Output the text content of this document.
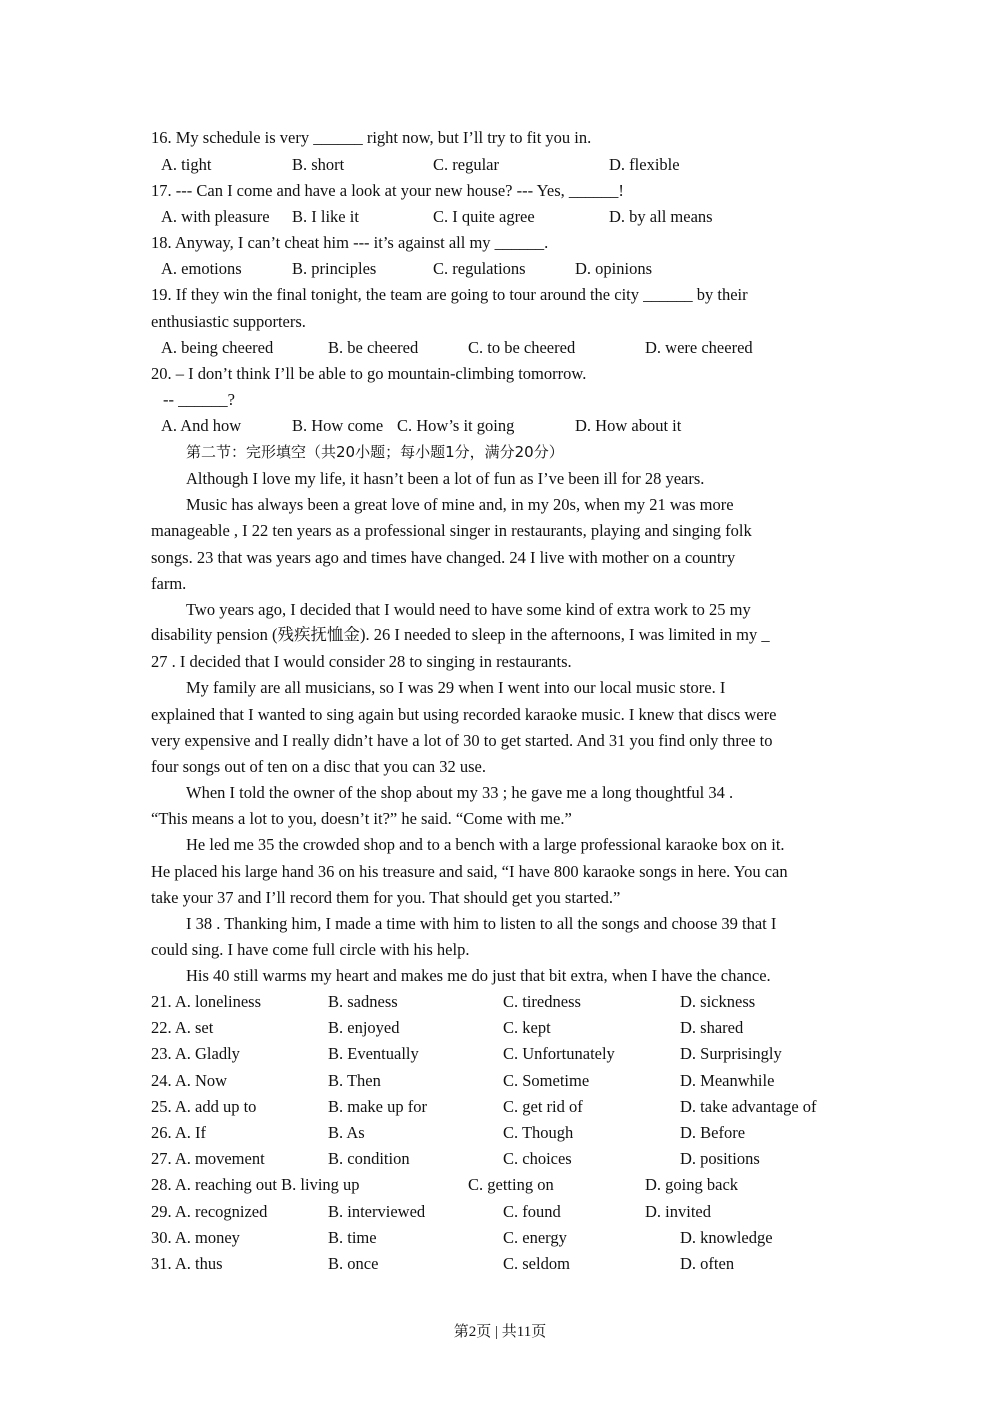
16. My schedule is very ______ right now, but I’ll try to fit you in.
A. tight	B. short	C. regular	D. flexible
17. --- Can I come and have a look at your new house? --- Yes, ______!
A. with pleasure B. I like it	C. I quite agree	D. by all means
18. Anyway, I can’t cheat him --- it’s against all my ______.
A. emotions	B. principles	C. regulations	D. opinions
19. If they win the final tonight, the team are going to tour around the city ______ by their
enthusiastic supporters.
A. being cheered	B. be cheered	C. to be cheered	D. were cheered
20. – I don’t think I’ll be able to go mountain-climbing tomorrow.
-- ______?
A. And how	B. How come C. How’s it going	D. How about it
第二节：完形填空（共20小题；每小题1分，满分20分）
Although I love my life, it hasn’t been a lot of fun as I’ve been ill for 28 years.
Music has always been a great love of mine and, in my 20s, when my 21 was more
manageable , I 22 ten years as a professional singer in restaurants, playing and singing folk
songs. 23 that was years ago and times have changed. 24 I live with mother on a country
farm.
Two years ago, I decided that I would need to have some kind of extra work to 25 my
disability pension (残疾抚恤金). 26 I needed to sleep in the afternoons, I was limited in my _
27 . I decided that I would consider 28 to singing in restaurants.
My family are all musicians, so I was 29 when I went into our local music store. I
explained that I wanted to sing again but using recorded karaoke music. I knew that discs were
very expensive and I really didn’t have a lot of 30 to get started. And 31 you find only three to
four songs out of ten on a disc that you can 32 use.
When I told the owner of the shop about my 33 ; he gave me a long thoughtful 34 .
“This means a lot to you, doesn’t it?” he said. “Come with me.”
He led me 35 the crowded shop and to a bench with a large professional karaoke box on it.
He placed his large hand 36 on his treasure and said, “I have 800 karaoke songs in here. You can
take your 37 and I’ll record them for you. That should get you started.”
I 38 . Thanking him, I made a time with him to listen to all the songs and choose 39 that I
could sing. I have come full circle with his help.
His 40 still warms my heart and makes me do just that bit extra, when I have the chance.
21. A. loneliness	B. sadness	C. tiredness	D. sickness
22. A. set	B. enjoyed	C. kept	D. shared
23. A. Gladly	B. Eventually	C. Unfortunately	D. Surprisingly
24. A. Now	B. Then	C. Sometime	D. Meanwhile
25. A. add up to	B. make up for	C. get rid of	D. take advantage of
26. A. If	B. As	C. Though	D. Before
27. A. movement	B. condition	C. choices	D. positions
28. A. reaching out B. living up	C. getting on	D. going back
29. A. recognized	B. interviewed	C. found	D. invited
30. A. money	B. time	C. energy	D. knowledge
31. A. thus	B. once	C. seldom	D. often
第2页 | 共11页
